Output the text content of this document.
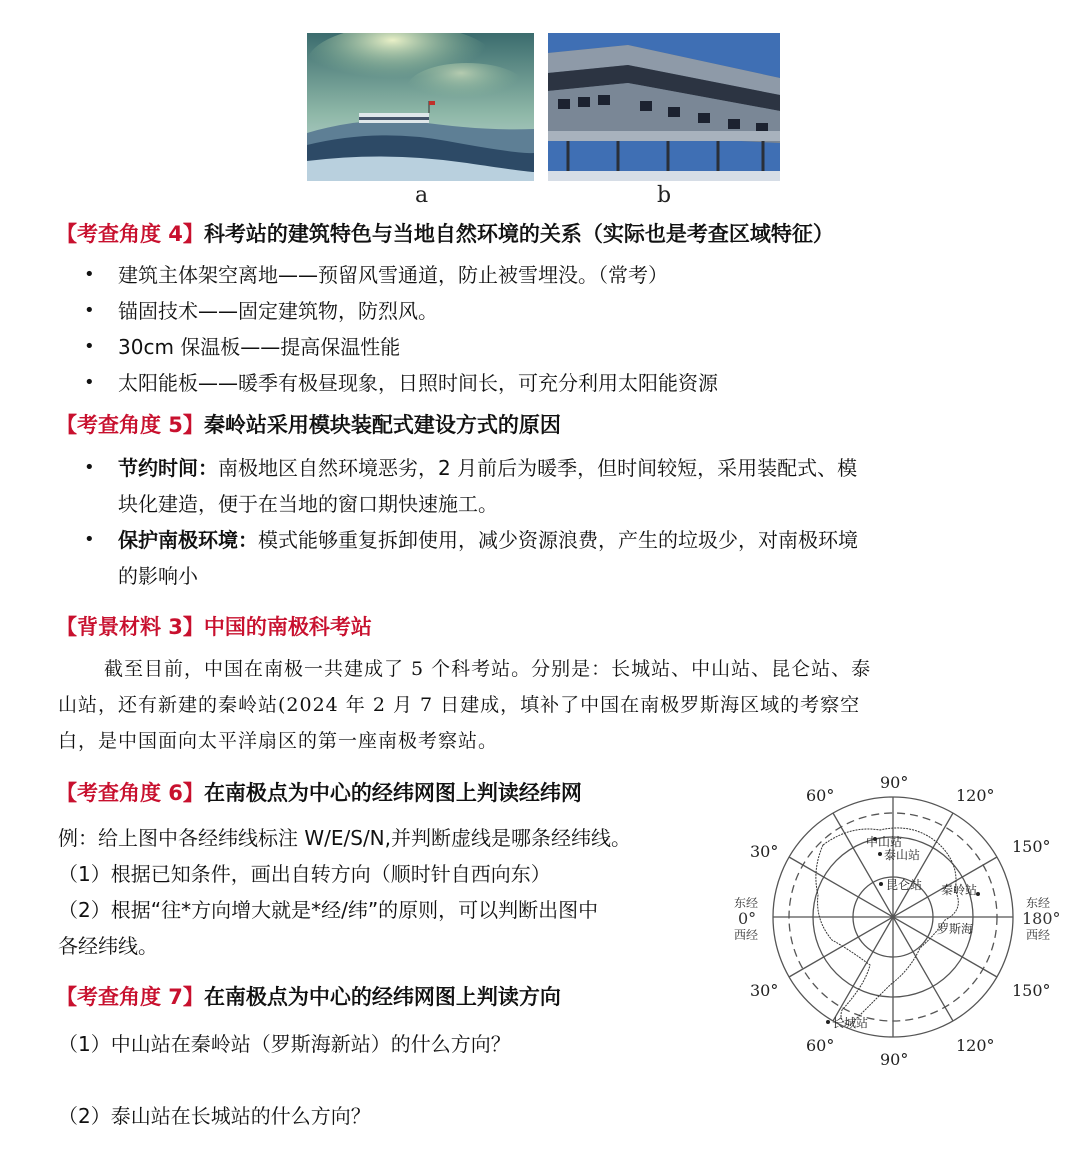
a	b
【考查角度 4】科考站的建筑特色与当地自然环境的关系（实际也是考查区域特征）
• 建筑主体架空离地——预留风雪通道，防止被雪埋没。（常考）
• 锚固技术——固定建筑物，防烈风。
• 30cm 保温板——提高保温性能
• 太阳能板——暖季有极昼现象，日照时间长，可充分利用太阳能资源
【考查角度 5】秦岭站采用模块装配式建设方式的原因
• 节约时间：南极地区自然环境恶劣，2 月前后为暖季，但时间较短，采用装配式、模
块化建造，便于在当地的窗口期快速施工。
• 保护南极环境：模式能够重复拆卸使用，减少资源浪费，产生的垃圾少，对南极环境
的影响小
【背景材料 3】中国的南极科考站
截至目前，中国在南极一共建成了 5 个科考站。分别是：长城站、中山站、昆仑站、泰
山站，还有新建的秦岭站(2024 年 2 月 7 日建成，填补了中国在南极罗斯海区域的考察空
白，是中国面向太平洋扇区的第一座南极考察站。
【考查角度 6】在南极点为中心的经纬网图上判读经纬网
例：给上图中各经纬线标注 W/E/S/N,并判断虚线是哪条经纬线。
（1）根据已知条件，画出自转方向（顺时针自西向东）
（2）根据“往*方向增大就是*经/纬”的原则，可以判断出图中
各经纬线。
【考查角度 7】在南极点为中心的经纬网图上判读方向
（1）中山站在秦岭站（罗斯海新站）的什么方向？
（2）泰山站在长城站的什么方向？
90°
90°
60°	120°
60°	120°
30°
30°
150°
150°
东经
0°
西经
东经
180°
西经
中山站
泰山站
昆仑站 秦岭站
罗斯海
长城站
